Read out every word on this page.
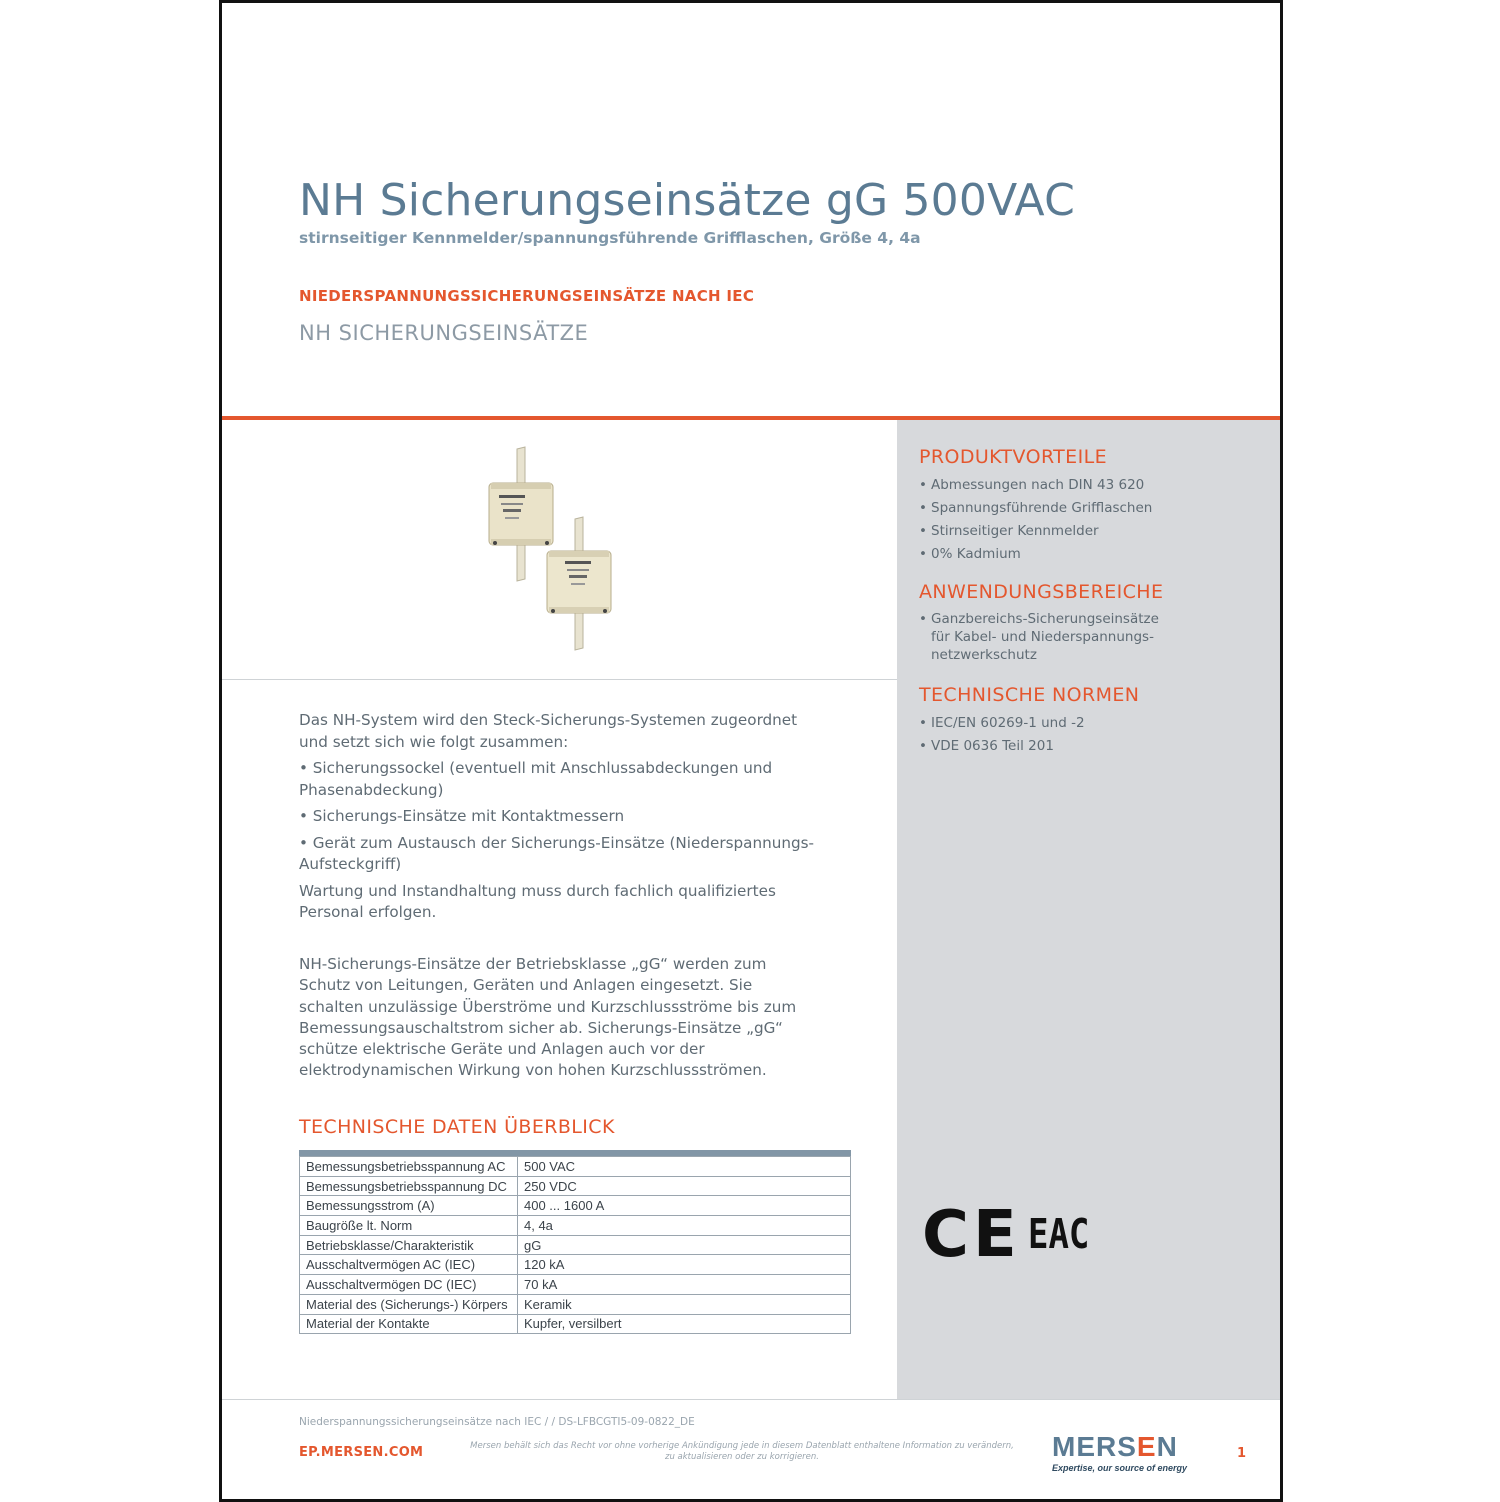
NH Sicherungseinsätze gG 500VAC
stirnseitiger Kennmelder/spannungsführende Grifflaschen, Größe 4, 4a
NIEDERSPANNUNGSSICHERUNGSEINSÄTZE NACH IEC
NH SICHERUNGSEINSÄTZE

Das NH-System wird den Steck-Sicherungs-Systemen zugeordnet und setzt sich wie folgt zusammen:

• Sicherungssockel (eventuell mit Anschlussabdeckungen und Phasenabdeckung)

• Sicherungs-Einsätze mit Kontaktmessern

• Gerät zum Austausch der Sicherungs-Einsätze (Niederspannungs-Aufsteckgriff)

Wartung und Instandhaltung muss durch fachlich qualifiziertes Personal erfolgen.

NH-Sicherungs-Einsätze der Betriebsklasse „gG“ werden zum Schutz von Leitungen, Geräten und Anlagen eingesetzt. Sie schalten unzulässige Überströme und Kurzschlussströme bis zum Bemessungsauschaltstrom sicher ab. Sicherungs-Einsätze „gG“ schütze elektrische Geräte und Anlagen auch vor der elektrodynamischen Wirkung von hohen Kurzschlussströmen.

TECHNISCHE DATEN ÜBERBLICK
Bemessungsbetriebsspannung AC	500 VAC
Bemessungsbetriebsspannung DC	250 VDC
Bemessungsstrom (A)	400 ... 1600 A
Baugröße lt. Norm	4, 4a
Betriebsklasse/Charakteristik	gG
Ausschaltvermögen AC (IEC)	120 kA
Ausschaltvermögen DC (IEC)	70 kA
Material des (Sicherungs-) Körpers	Keramik
Material der Kontakte	Kupfer, versilbert
PRODUKTVORTEILE
• Abmessungen nach DIN 43 620
• Spannungsführende Grifflaschen
• Stirnseitiger Kennmelder
• 0% Kadmium
ANWENDUNGSBEREICHE
• Ganzbereichs-Sicherungseinsätze für Kabel- und Niederspannungs-netzwerkschutz
TECHNISCHE NORMEN
• IEC/EN 60269-1 und -2
• VDE 0636 Teil 201
CE EAC
Niederspannungssicherungseinsätze nach IEC / / DS-LFBCGTI5-09-0822_DE
EP.MERSEN.COM	Mersen behält sich das Recht vor ohne vorherige Ankündigung jede in diesem Datenblatt enthaltene Information zu verändern,
zu aktualisieren oder zu korrigieren.	MERSEN
Expertise, our source of energy
1
